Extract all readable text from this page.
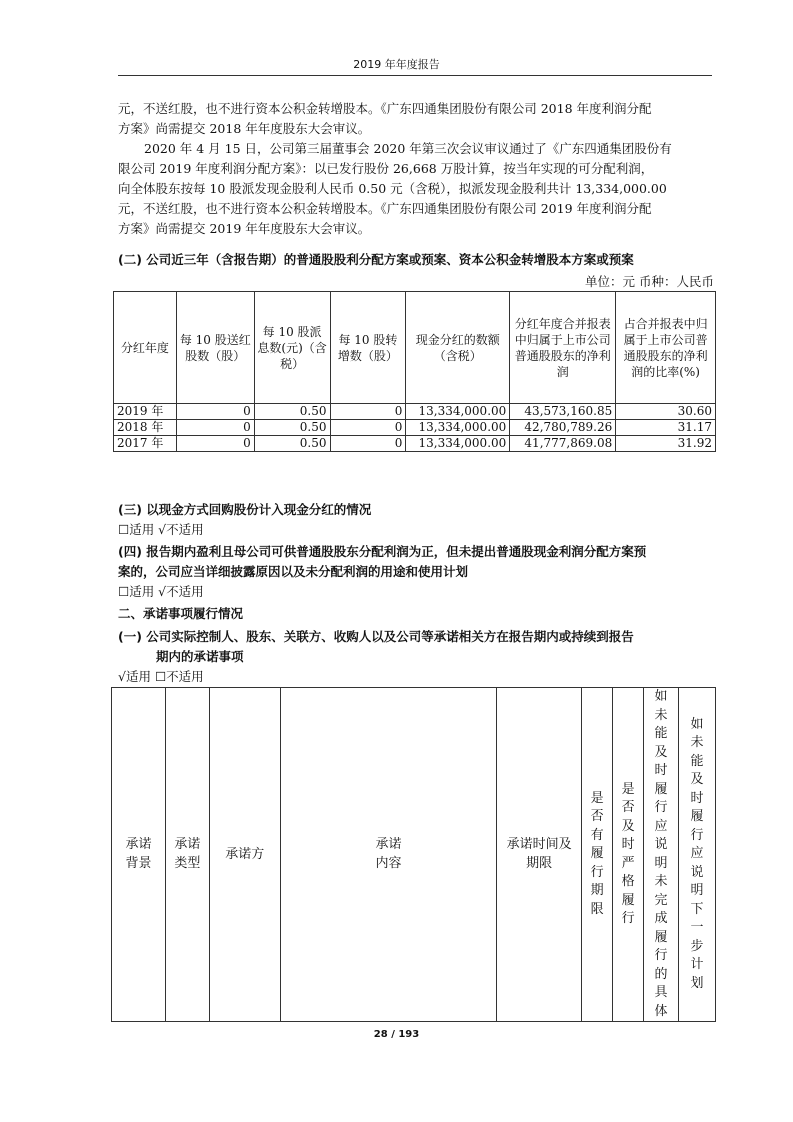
2019 年年度报告
元，不送红股，也不进行资本公积金转增股本。《广东四通集团股份有限公司 2018 年度利润分配
方案》尚需提交 2018 年年度股东大会审议。
2020 年 4 月 15 日，公司第三届董事会 2020 年第三次会议审议通过了《广东四通集团股份有
限公司 2019 年度利润分配方案》：以已发行股份 26,668 万股计算，按当年实现的可分配利润，
向全体股东按每 10 股派发现金股利人民币 0.50 元（含税），拟派发现金股利共计 13,334,000.00
元，不送红股，也不进行资本公积金转增股本。《广东四通集团股份有限公司 2019 年度利润分配
方案》尚需提交 2019 年年度股东大会审议。
(二) 公司近三年（含报告期）的普通股股利分配方案或预案、资本公积金转增股本方案或预案
单位：元 币种：人民币
分红年度	每 10 股送红股数（股）	每 10 股派息数(元)（含税）	每 10 股转增数（股）	现金分红的数额（含税）	分红年度合并报表中归属于上市公司普通股股东的净利润	占合并报表中归属于上市公司普通股股东的净利润的比率(%)
2019 年	0	0.50	0	13,334,000.00	43,573,160.85	30.60
2018 年	0	0.50	0	13,334,000.00	42,780,789.26	31.17
2017 年	0	0.50	0	13,334,000.00	41,777,869.08	31.92
(三) 以现金方式回购股份计入现金分红的情况
☐适用 √不适用
(四) 报告期内盈利且母公司可供普通股股东分配利润为正，但未提出普通股现金利润分配方案预
案的，公司应当详细披露原因以及未分配利润的用途和使用计划
☐适用 √不适用
二、承诺事项履行情况
(一) 公司实际控制人、股东、关联方、收购人以及公司等承诺相关方在报告期内或持续到报告
期内的承诺事项
√适用 ☐不适用
承诺背景	承诺类型	承诺方	承诺内容	承诺时间及期限	是否有履行期限	是否及时严格履行	如未能及时履行应说明未完成履行的具体	如未能及时履行应说明下一步计划
28 / 193
